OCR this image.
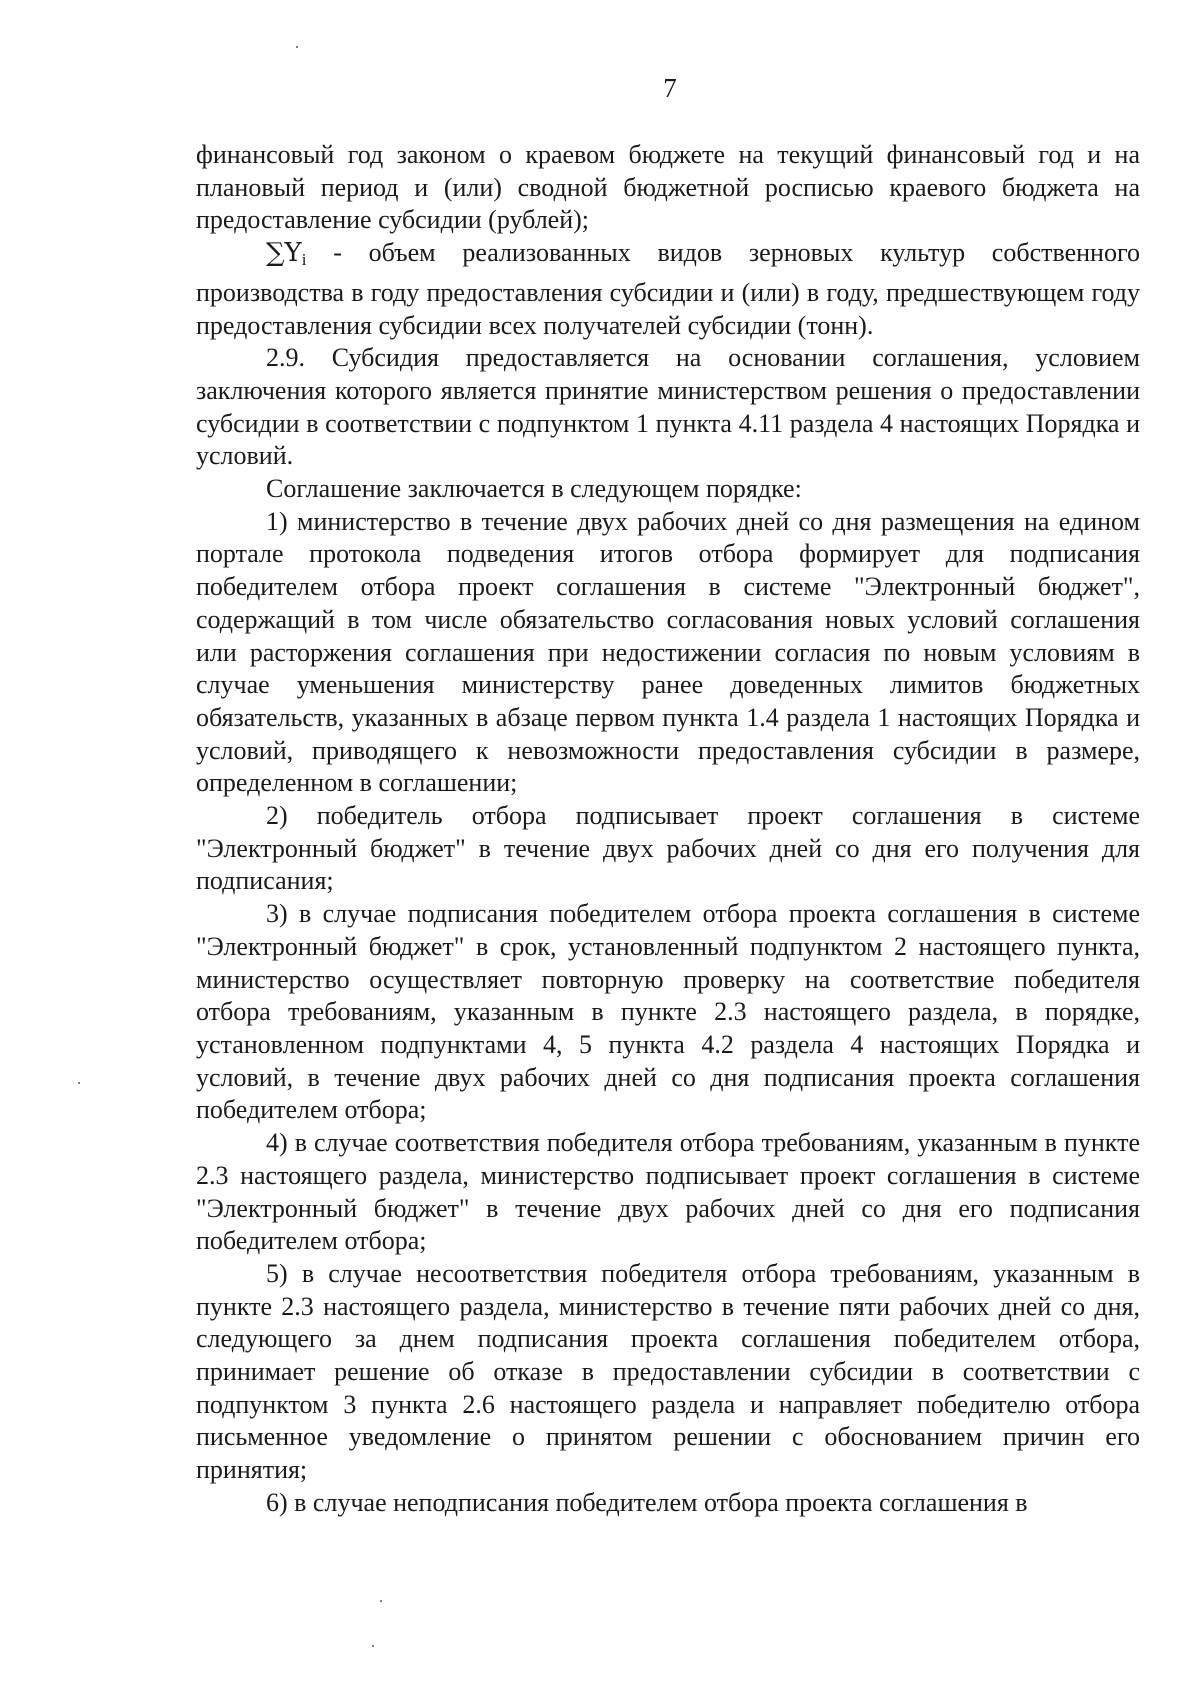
7

финансовый год законом о краевом бюджете на текущий финансовый год и на плановый период и (или) сводной бюджетной росписью краевого бюджета на предоставление субсидии (рублей);

$\sum Y_i$ - объем реализованных видов зерновых культур собственного производства в году предоставления субсидии и (или) в году, предшествующем году предоставления субсидии всех получателей субсидии (тонн).

2.9. Субсидия предоставляется на основании соглашения, условием заключения которого является принятие министерством решения о предоставлении субсидии в соответствии с подпунктом 1 пункта 4.11 раздела 4 настоящих Порядка и условий.

Соглашение заключается в следующем порядке:

1) министерство в течение двух рабочих дней со дня размещения на едином портале протокола подведения итогов отбора формирует для подписания победителем отбора проект соглашения в системе "Электронный бюджет", содержащий в том числе обязательство согласования новых условий соглашения или расторжения соглашения при недостижении согласия по новым условиям в случае уменьшения министерству ранее доведенных лимитов бюджетных обязательств, указанных в абзаце первом пункта 1.4 раздела 1 настоящих Порядка и условий, приводящего к невозможности предоставления субсидии в размере, определенном в соглашении;

2) победитель отбора подписывает проект соглашения в системе "Электронный бюджет" в течение двух рабочих дней со дня его получения для подписания;

3) в случае подписания победителем отбора проекта соглашения в системе "Электронный бюджет" в срок, установленный подпунктом 2 настоящего пункта, министерство осуществляет повторную проверку на соответствие победителя отбора требованиям, указанным в пункте 2.3 настоящего раздела, в порядке, установленном подпунктами 4, 5 пункта 4.2 раздела 4 настоящих Порядка и условий, в течение двух рабочих дней со дня подписания проекта соглашения победителем отбора;

4) в случае соответствия победителя отбора требованиям, указанным в пункте 2.3 настоящего раздела, министерство подписывает проект соглашения в системе "Электронный бюджет" в течение двух рабочих дней со дня его подписания победителем отбора;

5) в случае несоответствия победителя отбора требованиям, указанным в пункте 2.3 настоящего раздела, министерство в течение пяти рабочих дней со дня, следующего за днем подписания проекта соглашения победителем отбора, принимает решение об отказе в предоставлении субсидии в соответствии с подпунктом 3 пункта 2.6 настоящего раздела и направляет победителю отбора письменное уведомление о принятом решении с обоснованием причин его принятия;

6) в случае неподписания победителем отбора проекта соглашения в
